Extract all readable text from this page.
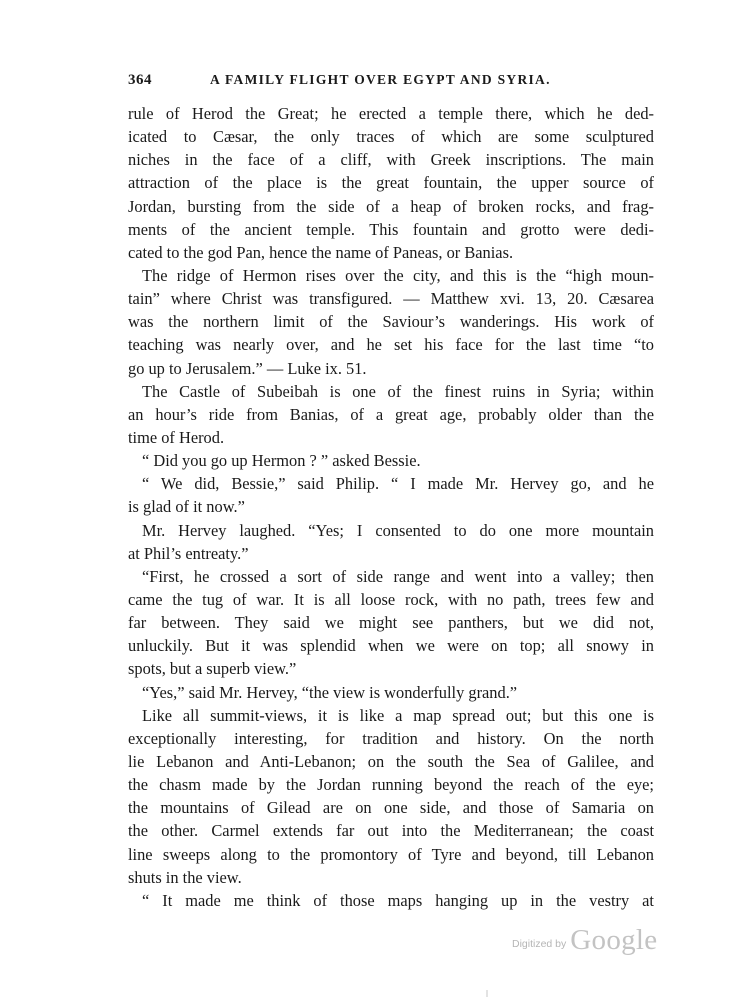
364	A FAMILY FLIGHT OVER EGYPT AND SYRIA.
rule of Herod the Great; he erected a temple there, which he ded-
icated to Cæsar, the only traces of which are some sculptured
niches in the face of a cliff, with Greek inscriptions. The main
attraction of the place is the great fountain, the upper source of
Jordan, bursting from the side of a heap of broken rocks, and frag-
ments of the ancient temple. This fountain and grotto were dedi-
cated to the god Pan, hence the name of Paneas, or Banias.
The ridge of Hermon rises over the city, and this is the “high moun-
tain” where Christ was transfigured. — Matthew xvi. 13, 20. Cæsarea
was the northern limit of the Saviour’s wanderings. His work of
teaching was nearly over, and he set his face for the last time “to
go up to Jerusalem.” — Luke ix. 51.
The Castle of Subeibah is one of the finest ruins in Syria; within
an hour’s ride from Banias, of a great age, probably older than the
time of Herod.
“ Did you go up Hermon ? ” asked Bessie.
“ We did, Bessie,” said Philip. “ I made Mr. Hervey go, and he
is glad of it now.”
Mr. Hervey laughed. “Yes; I consented to do one more mountain
at Phil’s entreaty.”
“First, he crossed a sort of side range and went into a valley; then
came the tug of war. It is all loose rock, with no path, trees few and
far between. They said we might see panthers, but we did not,
unluckily. But it was splendid when we were on top; all snowy in
spots, but a superb view.”
“Yes,” said Mr. Hervey, “the view is wonderfully grand.”
Like all summit-views, it is like a map spread out; but this one is
exceptionally interesting, for tradition and history. On the north
lie Lebanon and Anti-Lebanon; on the south the Sea of Galilee, and
the chasm made by the Jordan running beyond the reach of the eye;
the mountains of Gilead are on one side, and those of Samaria on
the other. Carmel extends far out into the Mediterranean; the coast
line sweeps along to the promontory of Tyre and beyond, till Lebanon
shuts in the view.
“ It made me think of those maps hanging up in the vestry at
Digitized by Google
